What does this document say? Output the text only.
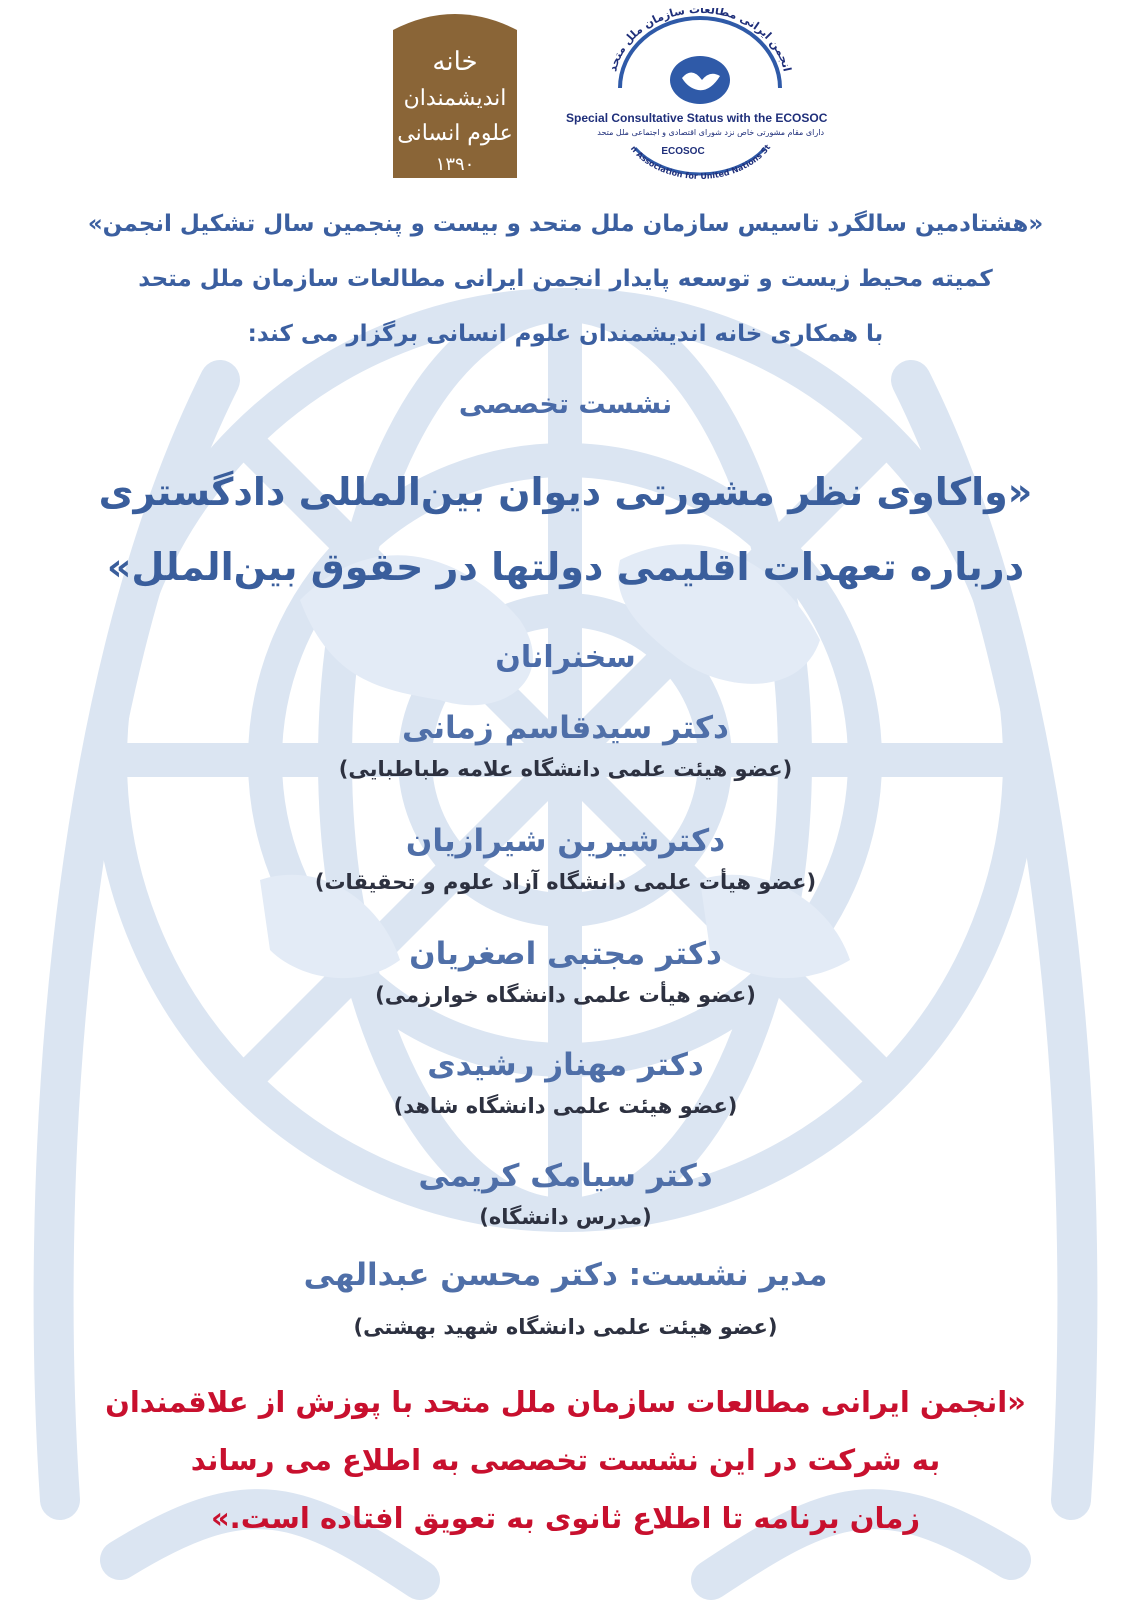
خانه
اندیشمندان
علوم انسانی
۱۳۹۰
انجمن ایرانی مطالعات سازمان ملل متحد
n Association for United Nations St
Special Consultative Status with the ECOSOC
دارای مقام مشورتی خاص نزد شورای اقتصادی و اجتماعی ملل متحد
ECOSOC
«هشتادمین سالگرد تاسیس سازمان ملل متحد و بیست و پنجمین سال تشکیل انجمن»
کمیته محیط زیست و توسعه پایدار انجمن ایرانی مطالعات سازمان ملل متحد
با همکاری خانه اندیشمندان علوم انسانی برگزار می کند:
نشست تخصصی
«واکاوی نظر مشورتی دیوان بین‌المللی دادگستری
درباره تعهدات اقلیمی دولتها در حقوق بین‌الملل»
سخنرانان
دکتر سیدقاسم زمانی
(عضو هیئت علمی دانشگاه علامه طباطبایی)
دکترشیرین شیرازیان
(عضو هیأت علمی دانشگاه آزاد علوم و تحقیقات)
دکتر مجتبی اصغریان
(عضو هیأت علمی دانشگاه خوارزمی)
دکتر مهناز رشیدی
(عضو هیئت علمی دانشگاه شاهد)
دکتر سیامک کریمی
(مدرس دانشگاه)
مدیر نشست: دکتر محسن عبدالهی
(عضو هیئت علمی دانشگاه شهید بهشتی)
«انجمن ایرانی مطالعات سازمان ملل متحد با پوزش از علاقمندان
به شرکت در این نشست تخصصی به اطلاع می رساند
زمان برنامه تا اطلاع ثانوی به تعویق افتاده است.»
